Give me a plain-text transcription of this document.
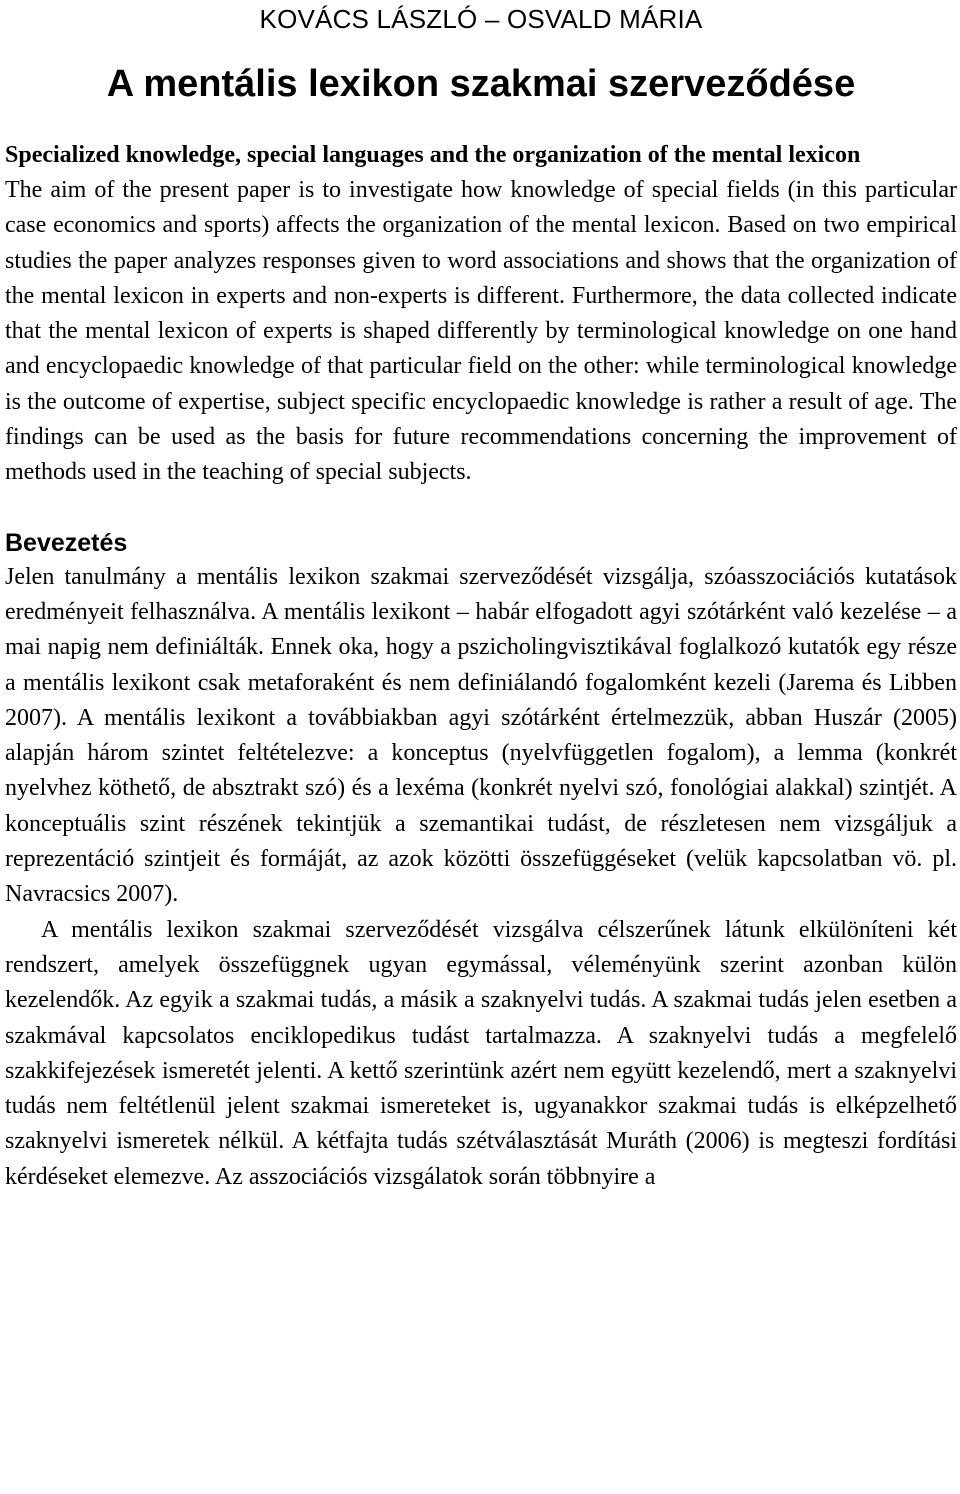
KOVÁCS LÁSZLÓ – OSVALD MÁRIA
A mentális lexikon szakmai szerveződése
Specialized knowledge, special languages and the organization of the mental lexicon

The aim of the present paper is to investigate how knowledge of special fields (in this particular case economics and sports) affects the organization of the mental lexicon. Based on two empirical studies the paper analyzes responses given to word associations and shows that the organization of the mental lexicon in experts and non-experts is different. Furthermore, the data collected indicate that the mental lexicon of experts is shaped differently by terminological knowledge on one hand and encyclopaedic knowledge of that particular field on the other: while terminological knowledge is the outcome of expertise, subject specific encyclopaedic knowledge is rather a result of age. The findings can be used as the basis for future recommendations concerning the improvement of methods used in the teaching of special subjects.

Bevezetés

Jelen tanulmány a mentális lexikon szakmai szerveződését vizsgálja, szóasszociációs kutatások eredményeit felhasználva. A mentális lexikont – habár elfogadott agyi szótárként való kezelése – a mai napig nem definiálták. Ennek oka, hogy a pszicholingvisztikával foglalkozó kutatók egy része a mentális lexikont csak metaforaként és nem definiálandó fogalomként kezeli (Jarema és Libben 2007). A mentális lexikont a továbbiakban agyi szótárként értelmezzük, abban Huszár (2005) alapján három szintet feltételezve: a konceptus (nyelvfüggetlen fogalom), a lemma (konkrét nyelvhez köthető, de absztrakt szó) és a lexéma (konkrét nyelvi szó, fonológiai alakkal) szintjét. A konceptuális szint részének tekintjük a szemantikai tudást, de részletesen nem vizsgáljuk a reprezentáció szintjeit és formáját, az azok közötti összefüggéseket (velük kapcsolatban vö. pl. Navracsics 2007).

A mentális lexikon szakmai szerveződését vizsgálva célszerűnek látunk elkülöníteni két rendszert, amelyek összefüggnek ugyan egymással, véleményünk szerint azonban külön kezelendők. Az egyik a szakmai tudás, a másik a szaknyelvi tudás. A szakmai tudás jelen esetben a szakmával kapcsolatos enciklopedikus tudást tartalmazza. A szaknyelvi tudás a megfelelő szakkifejezések ismeretét jelenti. A kettő szerintünk azért nem együtt kezelendő, mert a szaknyelvi tudás nem feltétlenül jelent szakmai ismereteket is, ugyanakkor szakmai tudás is elképzelhető szaknyelvi ismeretek nélkül. A kétfajta tudás szétválasztását Muráth (2006) is megteszi fordítási kérdéseket elemezve. Az asszociációs vizsgálatok során többnyire a
